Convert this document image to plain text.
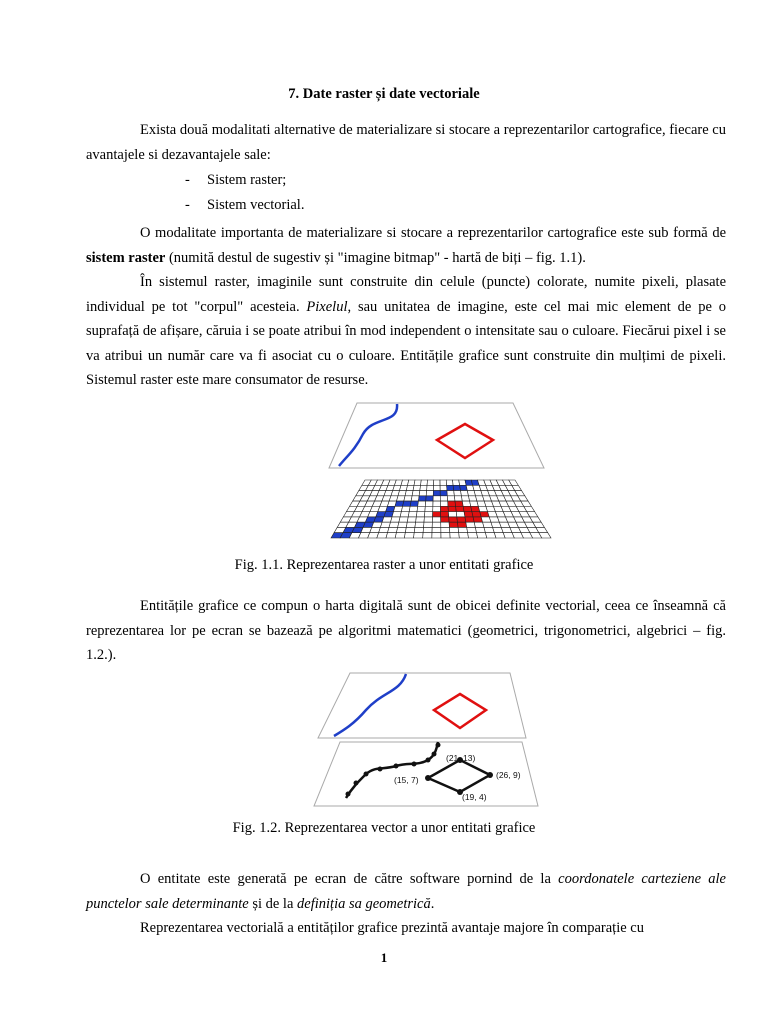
7. Date raster și date vectoriale

Exista două modalitati alternative de materializare si stocare a reprezentarilor cartografice, fiecare cu avantajele si dezavantajele sale:

- Sistem raster;
- Sistem vectorial.

O modalitate importanta de materializare si stocare a reprezentarilor cartografice este sub formă de sistem raster (numită destul de sugestiv și "imagine bitmap" - hartă de biți – fig. 1.1).

În sistemul raster, imaginile sunt construite din celule (puncte) colorate, numite pixeli, plasate individual pe tot "corpul" acesteia. Pixelul, sau unitatea de imagine, este cel mai mic element de pe o suprafață de afișare, căruia i se poate atribui în mod independent o intensitate sau o culoare. Fiecărui pixel i se va atribui un număr care va fi asociat cu o culoare. Entitățile grafice sunt construite din mulțimi de pixeli. Sistemul raster este mare consumator de resurse.

Fig. 1.1. Reprezentarea raster a unor entitati grafice

Entitățile grafice ce compun o harta digitală sunt de obicei definite vectorial, ceea ce înseamnă că reprezentarea lor pe ecran se bazează pe algoritmi matematici (geometrici, trigonometrici, algebrici – fig. 1.2.).

(21, 13)
(15, 7)	(26, 9)
(19, 4)
Fig. 1.2. Reprezentarea vector a unor entitati grafice

O entitate este generată pe ecran de către software pornind de la coordonatele carteziene ale punctelor sale determinante și de la definiția sa geometrică.

Reprezentarea vectorială a entităților grafice prezintă avantaje majore în comparație cu

1
